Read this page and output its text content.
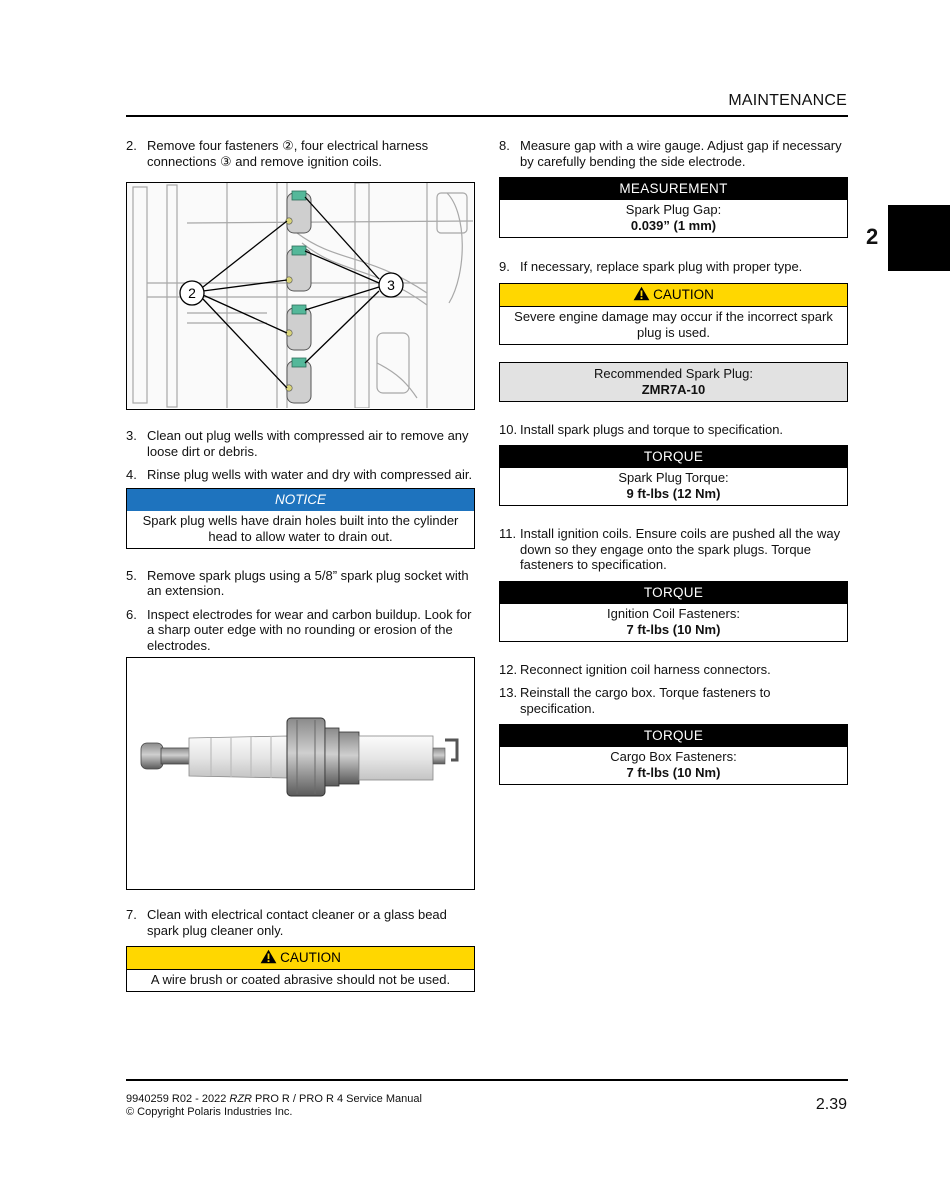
MAINTENANCE
2

2. Remove four fasteners ②, four electrical harness connections ③ and remove ignition coils.

2	3

3. Clean out plug wells with compressed air to remove any loose dirt or debris.

4. Rinse plug wells with water and dry with compressed air.

NOTICE
Spark plug wells have drain holes built into the cylinder head to allow water to drain out.

5. Remove spark plugs using a 5/8” spark plug socket with an extension.

6. Inspect electrodes for wear and carbon buildup. Look for a sharp outer edge with no rounding or erosion of the electrodes.

7. Clean with electrical contact cleaner or a glass bead spark plug cleaner only.

CAUTION
A wire brush or coated abrasive should not be used.

8. Measure gap with a wire gauge. Adjust gap if necessary by carefully bending the side electrode.

MEASUREMENT
Spark Plug Gap:
0.039” (1 mm)

9. If necessary, replace spark plug with proper type.

CAUTION
Severe engine damage may occur if the incorrect spark plug is used.
Recommended Spark Plug:
ZMR7A-10

10. Install spark plugs and torque to specification.

TORQUE
Spark Plug Torque:
9 ft-lbs (12 Nm)

11. Install ignition coils. Ensure coils are pushed all the way down so they engage onto the spark plugs. Torque fasteners to specification.

TORQUE
Ignition Coil Fasteners:
7 ft-lbs (10 Nm)

12. Reconnect ignition coil harness connectors.

13. Reinstall the cargo box. Torque fasteners to specification.

TORQUE
Cargo Box Fasteners:
7 ft-lbs (10 Nm)
9940259 R02 - 2022 RZR PRO R / PRO R 4 Service Manual
© Copyright Polaris Industries Inc.	2.39
